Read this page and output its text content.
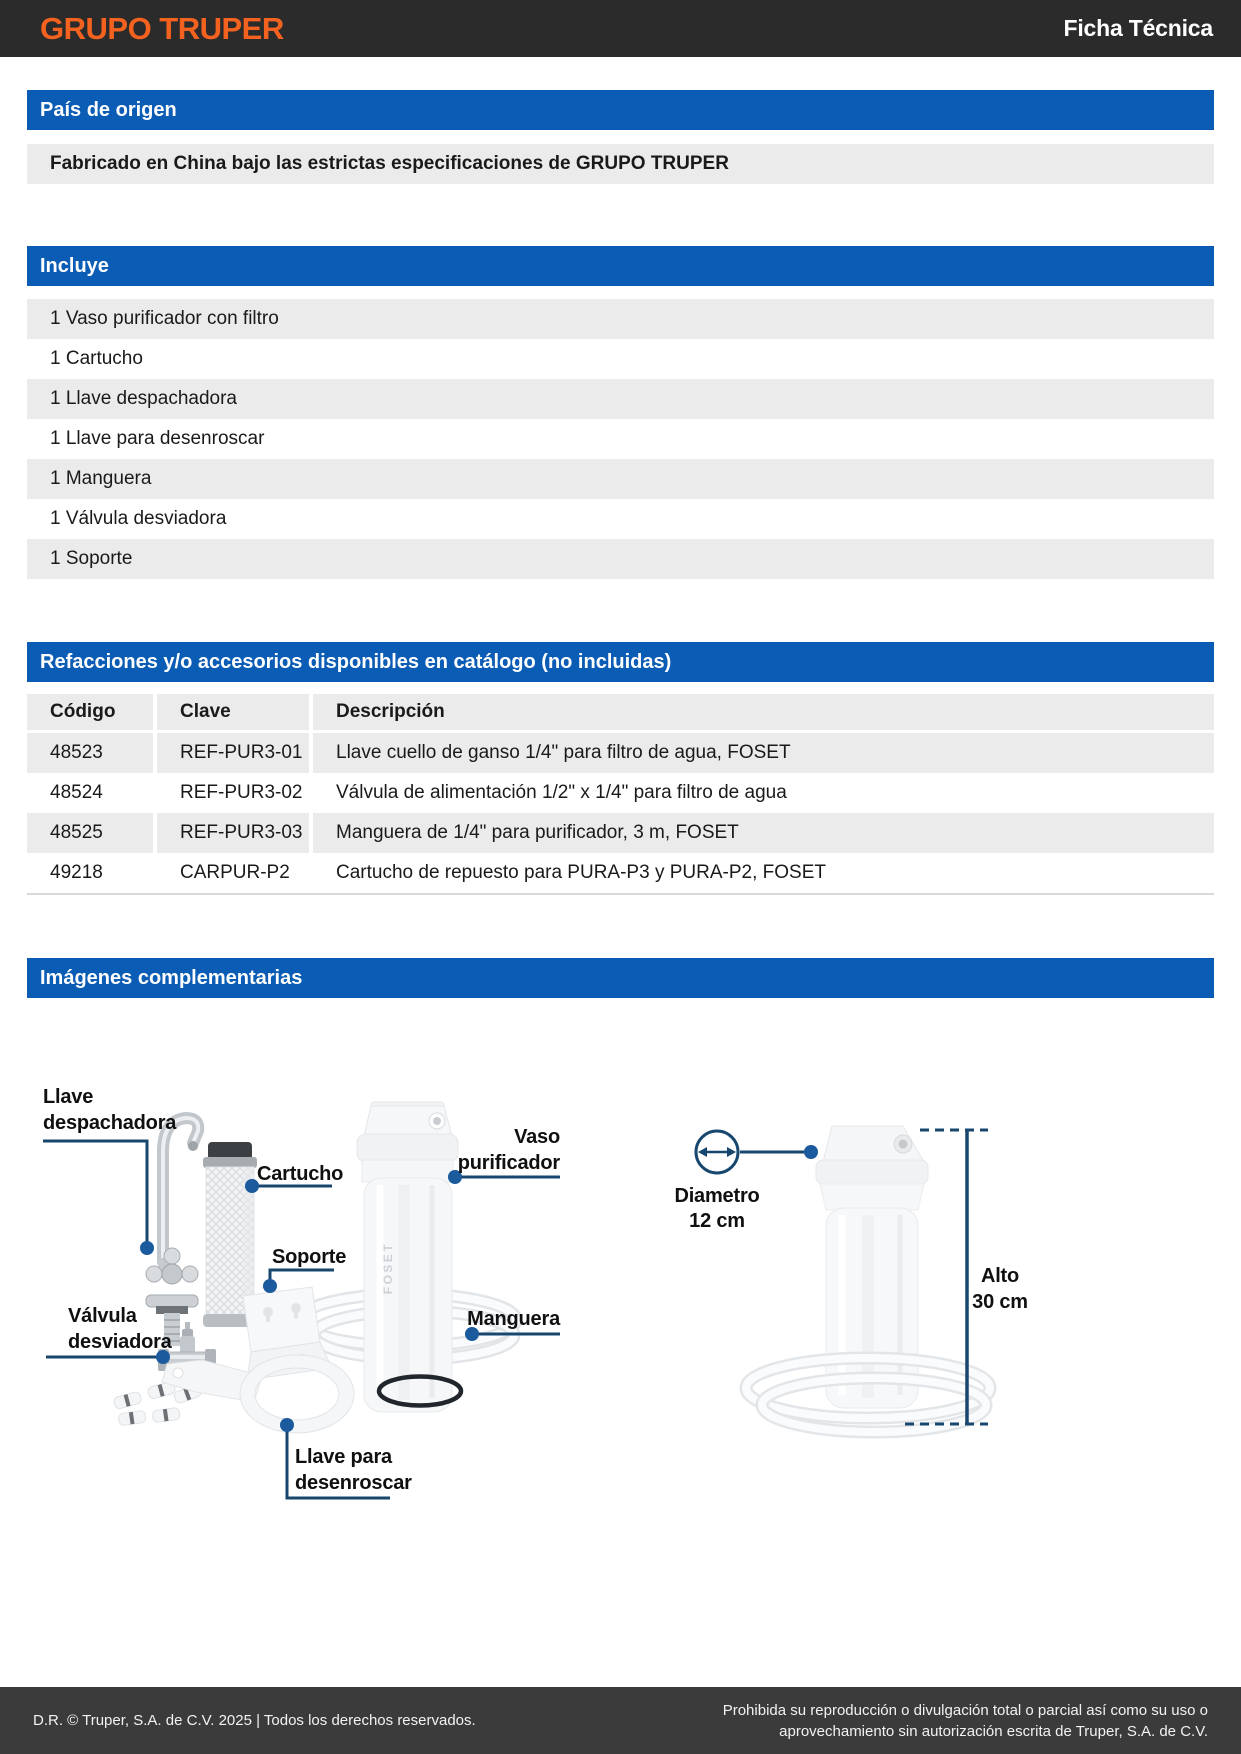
GRUPO TRUPER	Ficha Técnica
País de origen
Fabricado en China bajo las estrictas especificaciones de GRUPO TRUPER
Incluye
1 Vaso purificador con filtro
1 Cartucho
1 Llave despachadora
1 Llave para desenroscar
1 Manguera
1 Válvula desviadora
1 Soporte
Refacciones y/o accesorios disponibles en catálogo (no incluidas)
Código	Clave	Descripción
48523	REF-PUR3-01	Llave cuello de ganso 1/4" para filtro de agua, FOSET
48524	REF-PUR3-02	Válvula de alimentación 1/2" x 1/4" para filtro de agua
48525	REF-PUR3-03	Manguera de 1/4" para purificador, 3 m, FOSET
49218	CARPUR-P2	Cartucho de repuesto para PURA-P3 y PURA-P2, FOSET
Imágenes complementarias
FOSET
Llave
despachadora
Cartucho
Soporte
Vaso
purificador
Manguera
Válvula
desviadora
Llave para
desenroscar
Diametro
12 cm
Alto
30 cm
D.R. © Truper, S.A. de C.V. 2025 | Todos los derechos reservados.
Prohibida su reproducción o divulgación total o parcial así como su uso o
aprovechamiento sin autorización escrita de Truper, S.A. de C.V.
